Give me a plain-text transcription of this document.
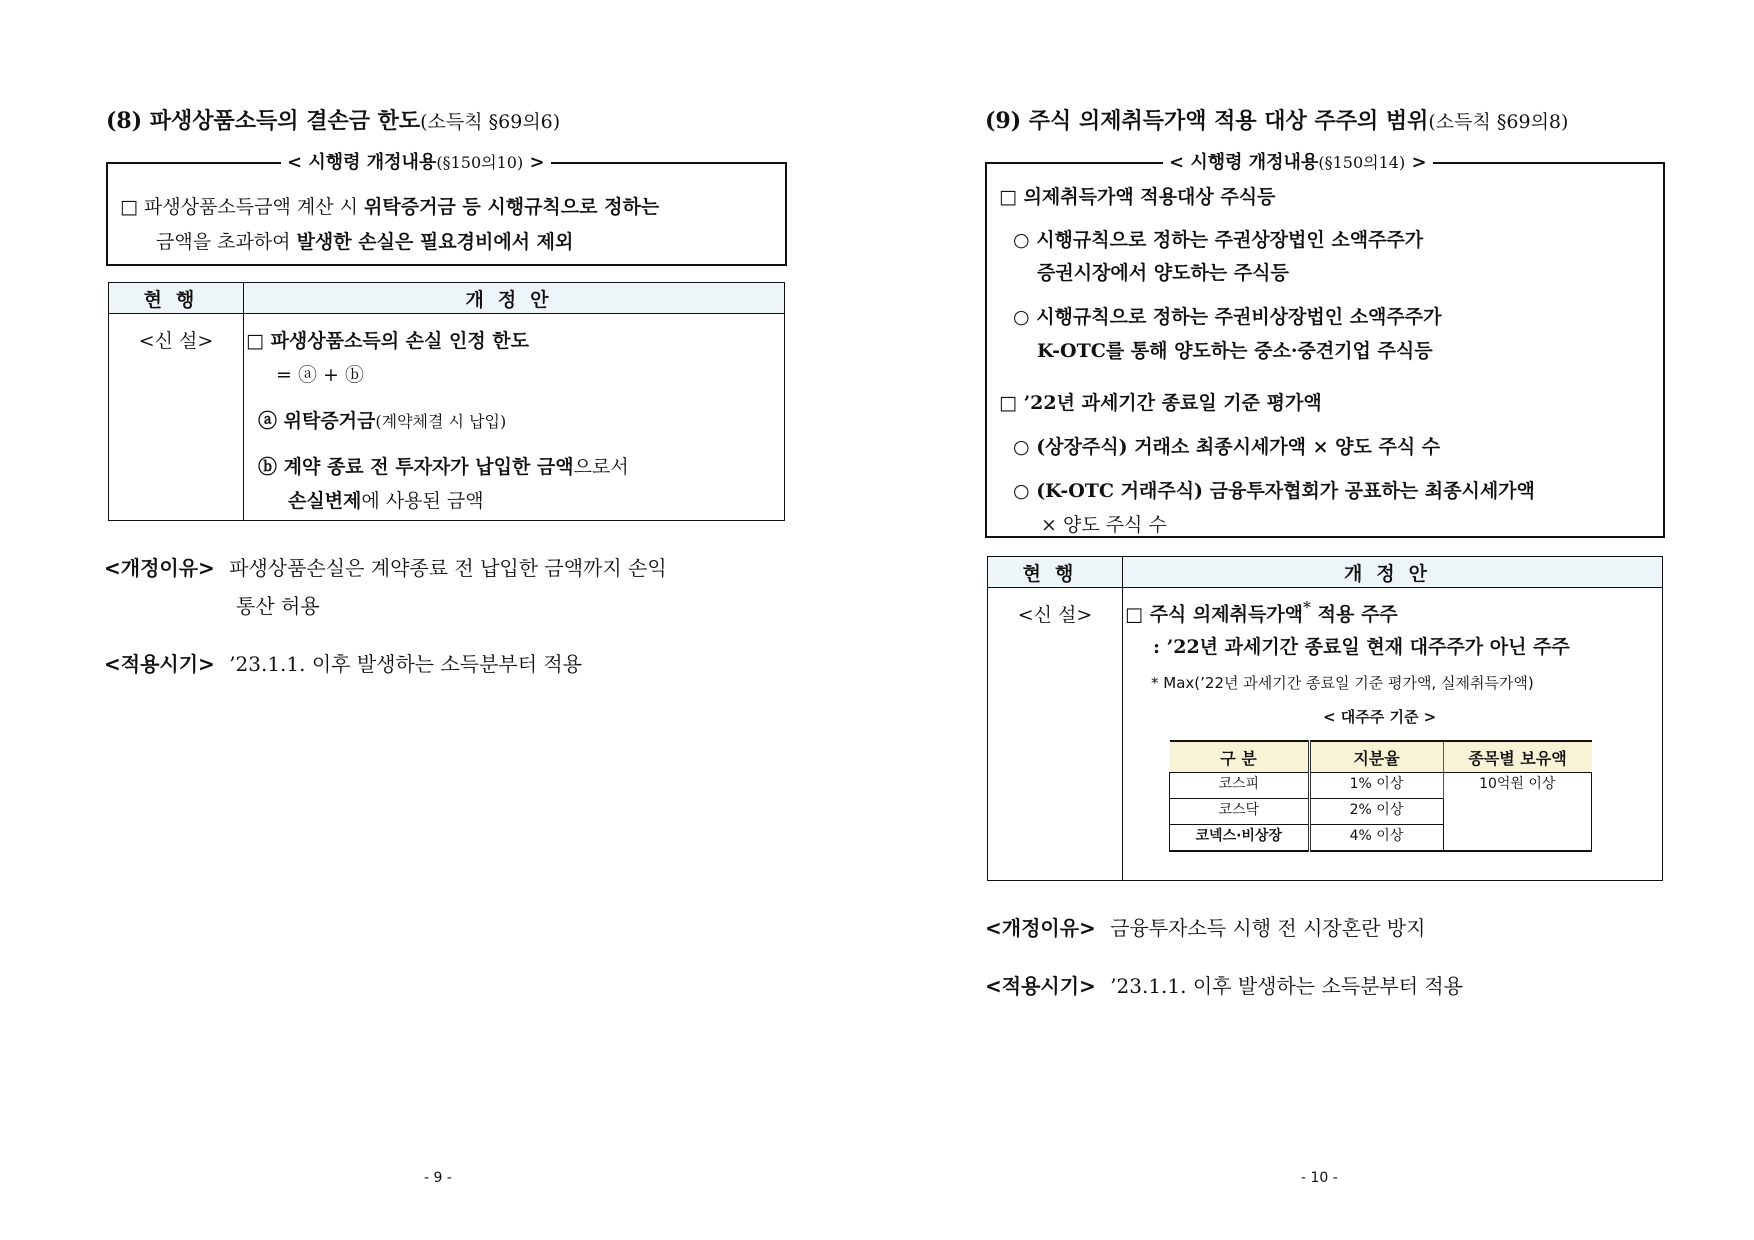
(8) 파생상품소득의 결손금 한도(소득칙 §69의6)
< 시행령 개정내용(§150의10) >
□ 파생상품소득금액 계산 시 위탁증거금 등 시행규칙으로 정하는
금액을 초과하여 발생한 손실은 필요경비에서 제외
현행	개정안

<신 설>	□ 파생상품소득의 손실 인정 한도
= ⓐ + ⓑ
ⓐ 위탁증거금(계약체결 시 납입)
ⓑ 계약 종료 전 투자자가 납입한 금액으로서
손실변제에 사용된 금액
<개정이유> 파생상품손실은 계약종료 전 납입한 금액까지 손익
통산 허용
<적용시기> ’23.1.1. 이후 발생하는 소득분부터 적용
- 9 -
(9) 주식 의제취득가액 적용 대상 주주의 범위(소득칙 §69의8)
< 시행령 개정내용(§150의14) >
□ 의제취득가액 적용대상 주식등
○ 시행규칙으로 정하는 주권상장법인 소액주주가
증권시장에서 양도하는 주식등
○ 시행규칙으로 정하는 주권비상장법인 소액주주가
K-OTC를 통해 양도하는 중소·중견기업 주식등
□ ’22년 과세기간 종료일 기준 평가액
○ (상장주식) 거래소 최종시세가액 × 양도 주식 수
○ (K-OTC 거래주식) 금융투자협회가 공표하는 최종시세가액
× 양도 주식 수
현행	개정안

<신 설>	□ 주식 의제취득가액* 적용 주주
: ’22년 과세기간 종료일 현재 대주주가 아닌 주주
* Max(’22년 과세기간 종료일 기준 평가액, 실제취득가액)
< 대주주 기준 >
구 분	지분율	종목별 보유액
코스피	1% 이상	10억원 이상
코스닥	2% 이상
코넥스·비상장	4% 이상
<개정이유> 금융투자소득 시행 전 시장혼란 방지
<적용시기> ’23.1.1. 이후 발생하는 소득분부터 적용
- 10 -
